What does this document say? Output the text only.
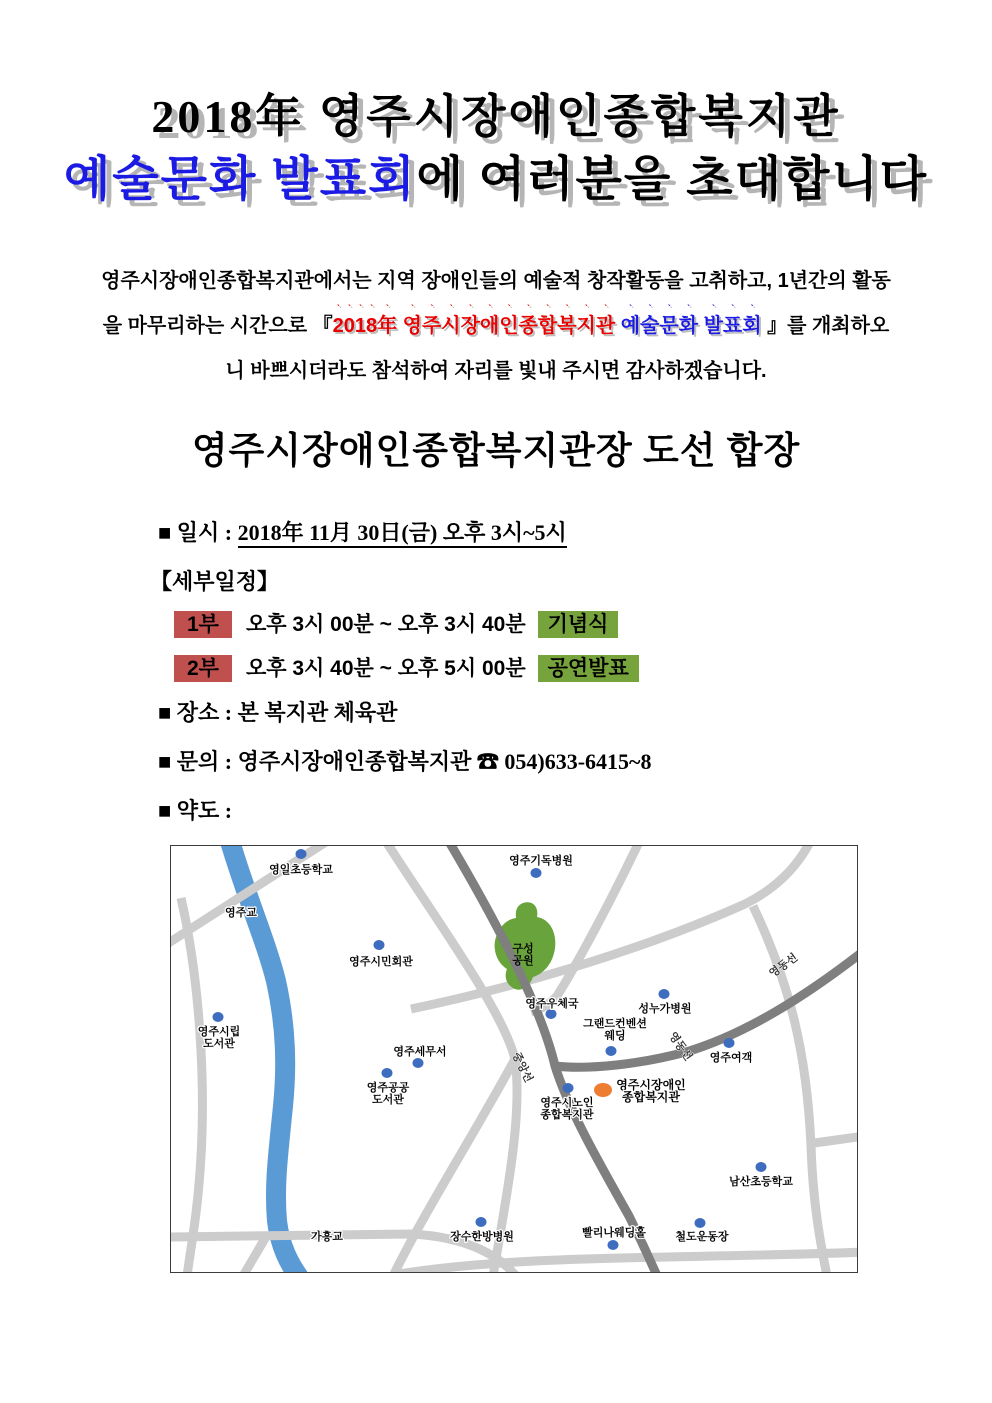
2018年 영주시장애인종합복지관
예술문화 발표회에 여러분을 초대합니다
영주시장애인종합복지관에서는 지역 장애인들의 예술적 창작활동을 고취하고, 1년간의 활동을 마무리하는 시간으로 『2018年 영주시장애인종합복지관 예술문화 발표회 』를 개최하오니 바쁘시더라도 참석하여 자리를 빛내 주시면 감사하겠습니다.
영주시장애인종합복지관장 도선 합장
■ 일시 : 2018年 11月 30日(금) 오후 3시~5시
【세부일정】
1부 오후 3시 00분 ~ 오후 3시 40분 기념식
2부 오후 3시 40분 ~ 오후 5시 00분 공연발표
■ 장소 : 본 복지관 체육관
■ 문의 : 영주시장애인종합복지관 ☎ 054)633-6415~8
■ 약도 :
영일초등학교
영주기독병원
영주교
영주시민회관
구성 공원
영주우체국	성누가병원
그랜드컨벤션 웨딩
영동선
영동선 영주여객
영주시립 도서관
영주세무서
영주공공 도서관
중앙선
영주시노인 종합복지관
영주시장애인 종합복지관
가흥교	장수한방병원	빨리나웨딩홀	철도운동장
남산초등학교
